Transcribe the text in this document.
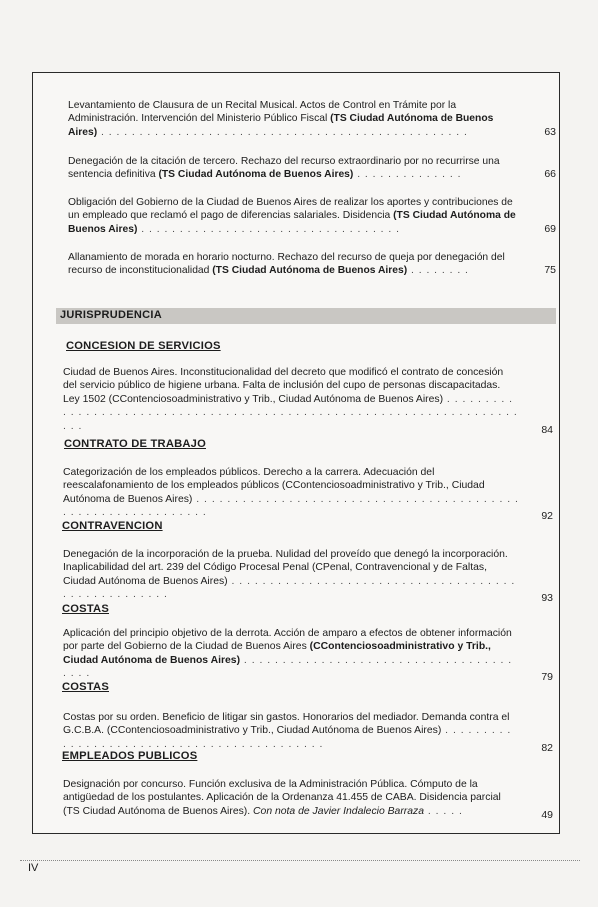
Levantamiento de Clausura de un Recital Musical. Actos de Control en Trámite por la Administración. Intervención del Ministerio Público Fiscal (TS Ciudad Autónoma de Buenos Aires) . . . . . . . . . . . . . . . . . . . . . . . . . . . . . . . . . . . . . . . . . . . . . . . .	63
Denegación de la citación de tercero. Rechazo del recurso extraordinario por no recurrirse una sentencia definitiva (TS Ciudad Autónoma de Buenos Aires) . . . . . . . . . . . . . .	66
Obligación del Gobierno de la Ciudad de Buenos Aires de realizar los aportes y contribuciones de un empleado que reclamó el pago de diferencias salariales. Disidencia (TS Ciudad Autónoma de Buenos Aires) . . . . . . . . . . . . . . . . . . . . . . . . . . . . . . . . . .	69
Allanamiento de morada en horario nocturno. Rechazo del recurso de queja por denegación del recurso de inconstitucionalidad (TS Ciudad Autónoma de Buenos Aires) . . . . . . . .	75
JURISPRUDENCIA
CONCESION DE SERVICIOS
Ciudad de Buenos Aires. Inconstitucionalidad del decreto que modificó el contrato de concesión del servicio público de higiene urbana. Falta de inclusión del cupo de personas discapacitadas. Ley 1502 (CContenciosoadministrativo y Trib., Ciudad Autónoma de Buenos Aires) . . . . . . . . . . . . . . . . . . . . . . . . . . . . . . . . . . . . . . . . . . . . . . . . . . . . . . . . . . . . . . . . . . . . . . .	84
CONTRATO DE TRABAJO
Categorización de los empleados públicos. Derecho a la carrera. Adecuación del reescalafonamiento de los empleados públicos (CContenciosoadministrativo y Trib., Ciudad Autónoma de Buenos Aires) . . . . . . . . . . . . . . . . . . . . . . . . . . . . . . . . . . . . . . . . . . . . . . . . . . . . . . . . . . . . .	92
CONTRAVENCION
Denegación de la incorporación de la prueba. Nulidad del proveído que denegó la incorporación. Inaplicabilidad del art. 239 del Código Procesal Penal (CPenal, Contravencional y de Faltas, Ciudad Autónoma de Buenos Aires) . . . . . . . . . . . . . . . . . . . . . . . . . . . . . . . . . . . . . . . . . . . . . . . . . . .	93
COSTAS
Aplicación del principio objetivo de la derrota. Acción de amparo a efectos de obtener información por parte del Gobierno de la Ciudad de Buenos Aires (CContenciosoadministrativo y Trib., Ciudad Autónoma de Buenos Aires) . . . . . . . . . . . . . . . . . . . . . . . . . . . . . . . . . . . . . . .	79
COSTAS
Costas por su orden. Beneficio de litigar sin gastos. Honorarios del mediador. Demanda contra el G.C.B.A. (CContenciosoadministrativo y Trib., Ciudad Autónoma de Buenos Aires) . . . . . . . . . . . . . . . . . . . . . . . . . . . . . . . . . . . . . . . . . . .	82
EMPLEADOS PUBLICOS
Designación por concurso. Función exclusiva de la Administración Pública. Cómputo de la antigüedad de los postulantes. Aplicación de la Ordenanza 41.455 de CABA. Disidencia parcial (TS Ciudad Autónoma de Buenos Aires). Con nota de Javier Indalecio Barraza . . . . .	49
IV
